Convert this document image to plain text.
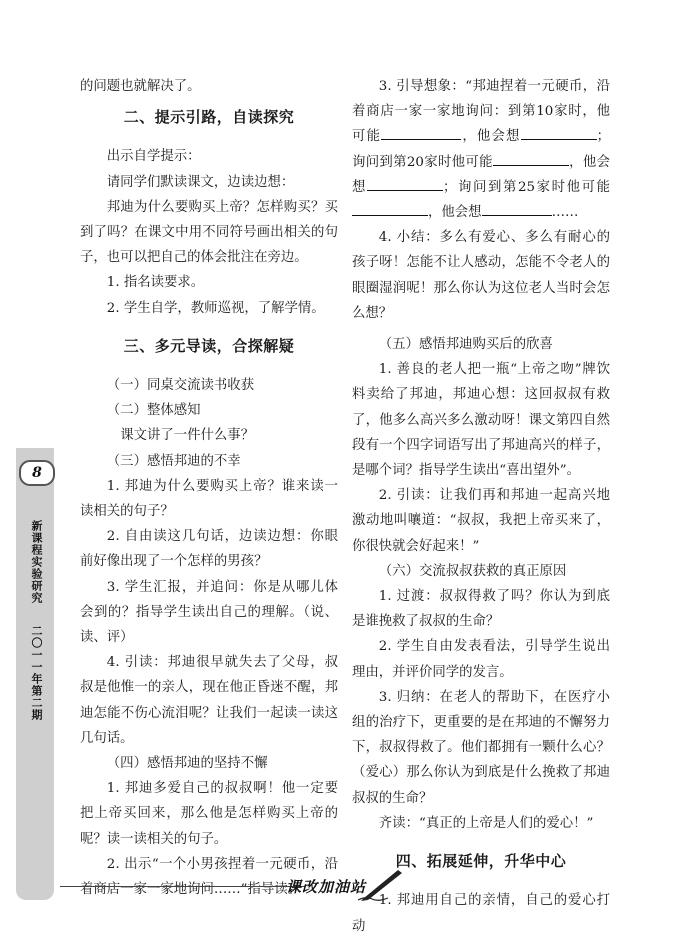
8
新课程实验研究
二〇一一年第二期

的问题也就解决了。

二、提示引路，自读探究

出示自学提示：

请同学们默读课文，边读边想：

邦迪为什么要购买上帝？怎样购买？买到了吗？在课文中用不同符号画出相关的句子，也可以把自己的体会批注在旁边。

1. 指名读要求。

2. 学生自学，教师巡视，了解学情。

三、多元导读，合探解疑

（一）同桌交流读书收获

（二）整体感知

课文讲了一件什么事？

（三）感悟邦迪的不幸

1. 邦迪为什么要购买上帝？谁来读一读相关的句子？

2. 自由读这几句话，边读边想：你眼前好像出现了一个怎样的男孩？

3. 学生汇报，并追问：你是从哪儿体会到的？指导学生读出自己的理解。（说、读、评）

4. 引读：邦迪很早就失去了父母，叔叔是他惟一的亲人，现在他正昏迷不醒，邦迪怎能不伤心流泪呢？让我们一起读一读这几句话。

（四）感悟邦迪的坚持不懈

1. 邦迪多爱自己的叔叔啊！他一定要把上帝买回来，那么他是怎样购买上帝的呢？读一读相关的句子。

2. 出示“一个小男孩捏着一元硬币，沿着商店一家一家地询问……”指导读。

3. 引导想象：“邦迪捏着一元硬币，沿着商店一家一家地询问：到第10家时，他可能	，他会想	；询问到第20家时他可能	，他会想	；询问到第25家时他可能，他会想	……

4. 小结：多么有爱心、多么有耐心的孩子呀！怎能不让人感动，怎能不令老人的眼圈湿润呢！那么你认为这位老人当时会怎么想？

（五）感悟邦迪购买后的欣喜

1. 善良的老人把一瓶“上帝之吻”牌饮料卖给了邦迪，邦迪心想：这回叔叔有救了，他多么高兴多么激动呀！课文第四自然段有一个四字词语写出了邦迪高兴的样子，是哪个词？指导学生读出“喜出望外”。

2. 引读：让我们再和邦迪一起高兴地激动地叫嚷道：“叔叔，我把上帝买来了，你很快就会好起来！”

（六）交流叔叔获救的真正原因

1. 过渡：叔叔得救了吗？你认为到底是谁挽救了叔叔的生命？

2. 学生自由发表看法，引导学生说出理由，并评价同学的发言。

3. 归纳：在老人的帮助下，在医疗小组的治疗下，更重要的是在邦迪的不懈努力下，叔叔得救了。他们都拥有一颗什么心？（爱心）那么你认为到底是什么挽救了邦迪叔叔的生命？

齐读：“真正的上帝是人们的爱心！”

四、拓展延伸，升华中心

1. 邦迪用自己的亲情，自己的爱心打动

课改加油站
